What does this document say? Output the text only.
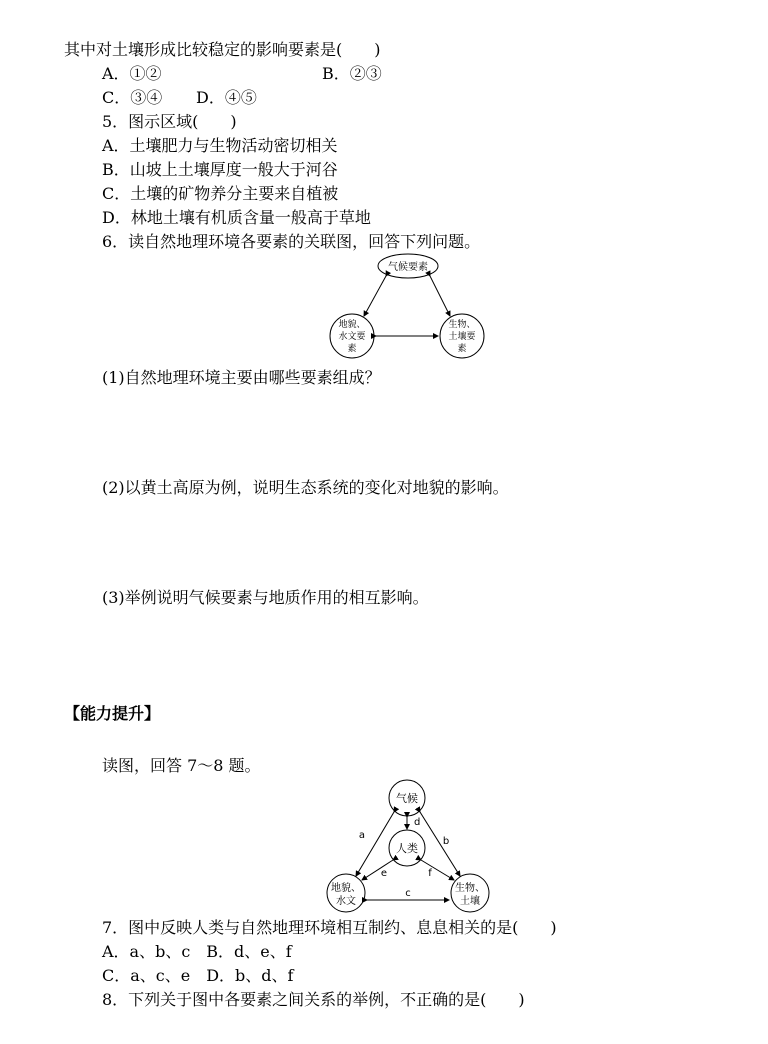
其中对土壤形成比较稳定的影响要素是(　　)
A．①②	B．②③
C．③④ D．④⑤
5．图示区域(　　)
A．土壤肥力与生物活动密切相关
B．山坡上土壤厚度一般大于河谷
C．土壤的矿物养分主要来自植被
D．林地土壤有机质含量一般高于草地
6．读自然地理环境各要素的关联图，回答下列问题。
气候要素
地貌、
水文要
素
生物、
土壤要
素
(1)自然地理环境主要由哪些要素组成？
(2)以黄土高原为例，说明生态系统的变化对地貌的影响。
(3)举例说明气候要素与地质作用的相互影响。
【能力提升】
读图，回答 7～8 题。
气候
人类
地貌、
水文
生物、
土壤
a
b
c
d
e	f
7．图中反映人类与自然地理环境相互制约、息息相关的是(　　)
A．a、b、c　B．d、e、f
C．a、c、e　D．b、d、f
8．下列关于图中各要素之间关系的举例，不正确的是(　　)
